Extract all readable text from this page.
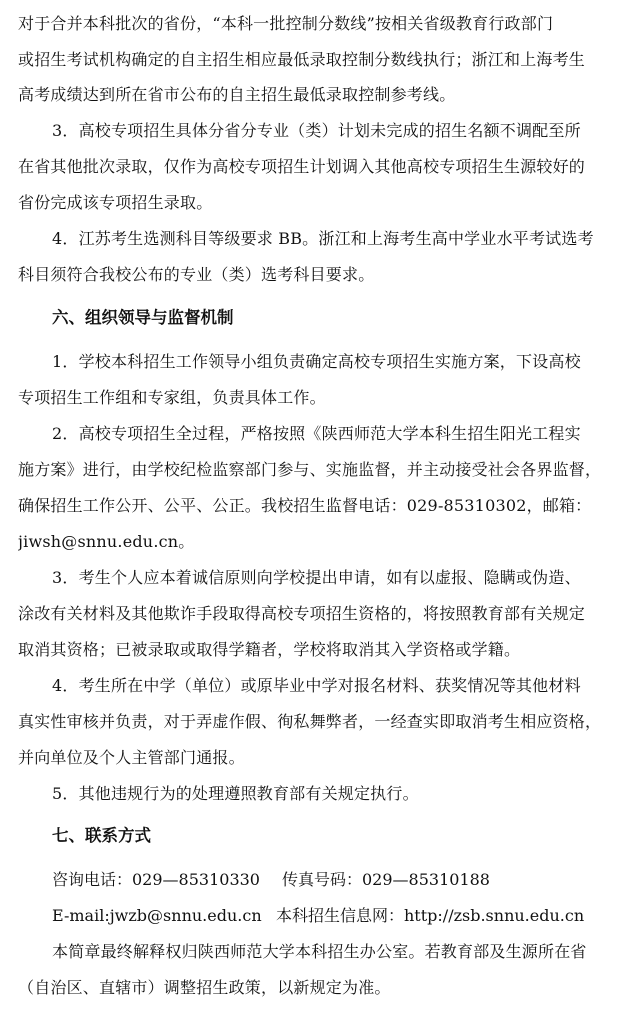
对于合并本科批次的省份，“本科一批控制分数线”按相关省级教育行政部门
或招生考试机构确定的自主招生相应最低录取控制分数线执行；浙江和上海考生
高考成绩达到所在省市公布的自主招生最低录取控制参考线。
3．高校专项招生具体分省分专业（类）计划未完成的招生名额不调配至所
在省其他批次录取，仅作为高校专项招生计划调入其他高校专项招生生源较好的
省份完成该专项招生录取。
4．江苏考生选测科目等级要求 BB。浙江和上海考生高中学业水平考试选考
科目须符合我校公布的专业（类）选考科目要求。
六、组织领导与监督机制
1．学校本科招生工作领导小组负责确定高校专项招生实施方案，下设高校
专项招生工作组和专家组，负责具体工作。
2．高校专项招生全过程，严格按照《陕西师范大学本科生招生阳光工程实
施方案》进行，由学校纪检监察部门参与、实施监督，并主动接受社会各界监督，
确保招生工作公开、公平、公正。我校招生监督电话：029-85310302，邮箱：
jiwsh@snnu.edu.cn。
3．考生个人应本着诚信原则向学校提出申请，如有以虚报、隐瞒或伪造、
涂改有关材料及其他欺诈手段取得高校专项招生资格的，将按照教育部有关规定
取消其资格；已被录取或取得学籍者，学校将取消其入学资格或学籍。
4．考生所在中学（单位）或原毕业中学对报名材料、获奖情况等其他材料
真实性审核并负责，对于弄虚作假、徇私舞弊者，一经查实即取消考生相应资格，
并向单位及个人主管部门通报。
5．其他违规行为的处理遵照教育部有关规定执行。
七、联系方式
咨询电话：029—85310330 传真号码：029—85310188
E-mail:jwzb@snnu.edu.cn 本科招生信息网：http://zsb.snnu.edu.cn
本简章最终解释权归陕西师范大学本科招生办公室。若教育部及生源所在省
（自治区、直辖市）调整招生政策，以新规定为准。
